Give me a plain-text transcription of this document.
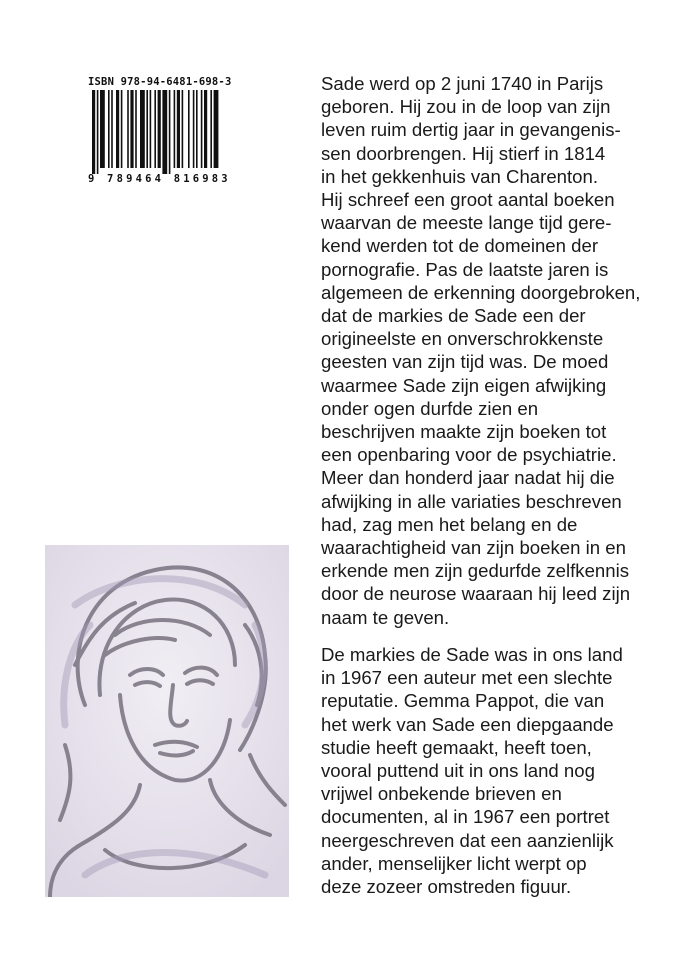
ISBN 978-94-6481-698-3
9 789464 816983
Sade werd op 2 juni 1740 in Parijs
geboren. Hij zou in de loop van zijn
leven ruim dertig jaar in gevangenis-
sen doorbrengen. Hij stierf in 1814
in het gekkenhuis van Charenton.
Hij schreef een groot aantal boeken
waarvan de meeste lange tijd gere-
kend werden tot de domeinen der
pornografie. Pas de laatste jaren is
algemeen de erkenning doorgebroken,
dat de markies de Sade een der
origineelste en onverschrokkenste
geesten van zijn tijd was. De moed
waarmee Sade zijn eigen afwijking
onder ogen durfde zien en
beschrijven maakte zijn boeken tot
een openbaring voor de psychiatrie.
Meer dan honderd jaar nadat hij die
afwijking in alle variaties beschreven
had, zag men het belang en de
waarachtigheid van zijn boeken in en
erkende men zijn gedurfde zelfkennis
door de neurose waaraan hij leed zijn
naam te geven.
De markies de Sade was in ons land
in 1967 een auteur met een slechte
reputatie. Gemma Pappot, die van
het werk van Sade een diepgaande
studie heeft gemaakt, heeft toen,
vooral puttend uit in ons land nog
vrijwel onbekende brieven en
documenten, al in 1967 een portret
neergeschreven dat een aanzienlijk
ander, menselijker licht werpt op
deze zozeer omstreden figuur.
